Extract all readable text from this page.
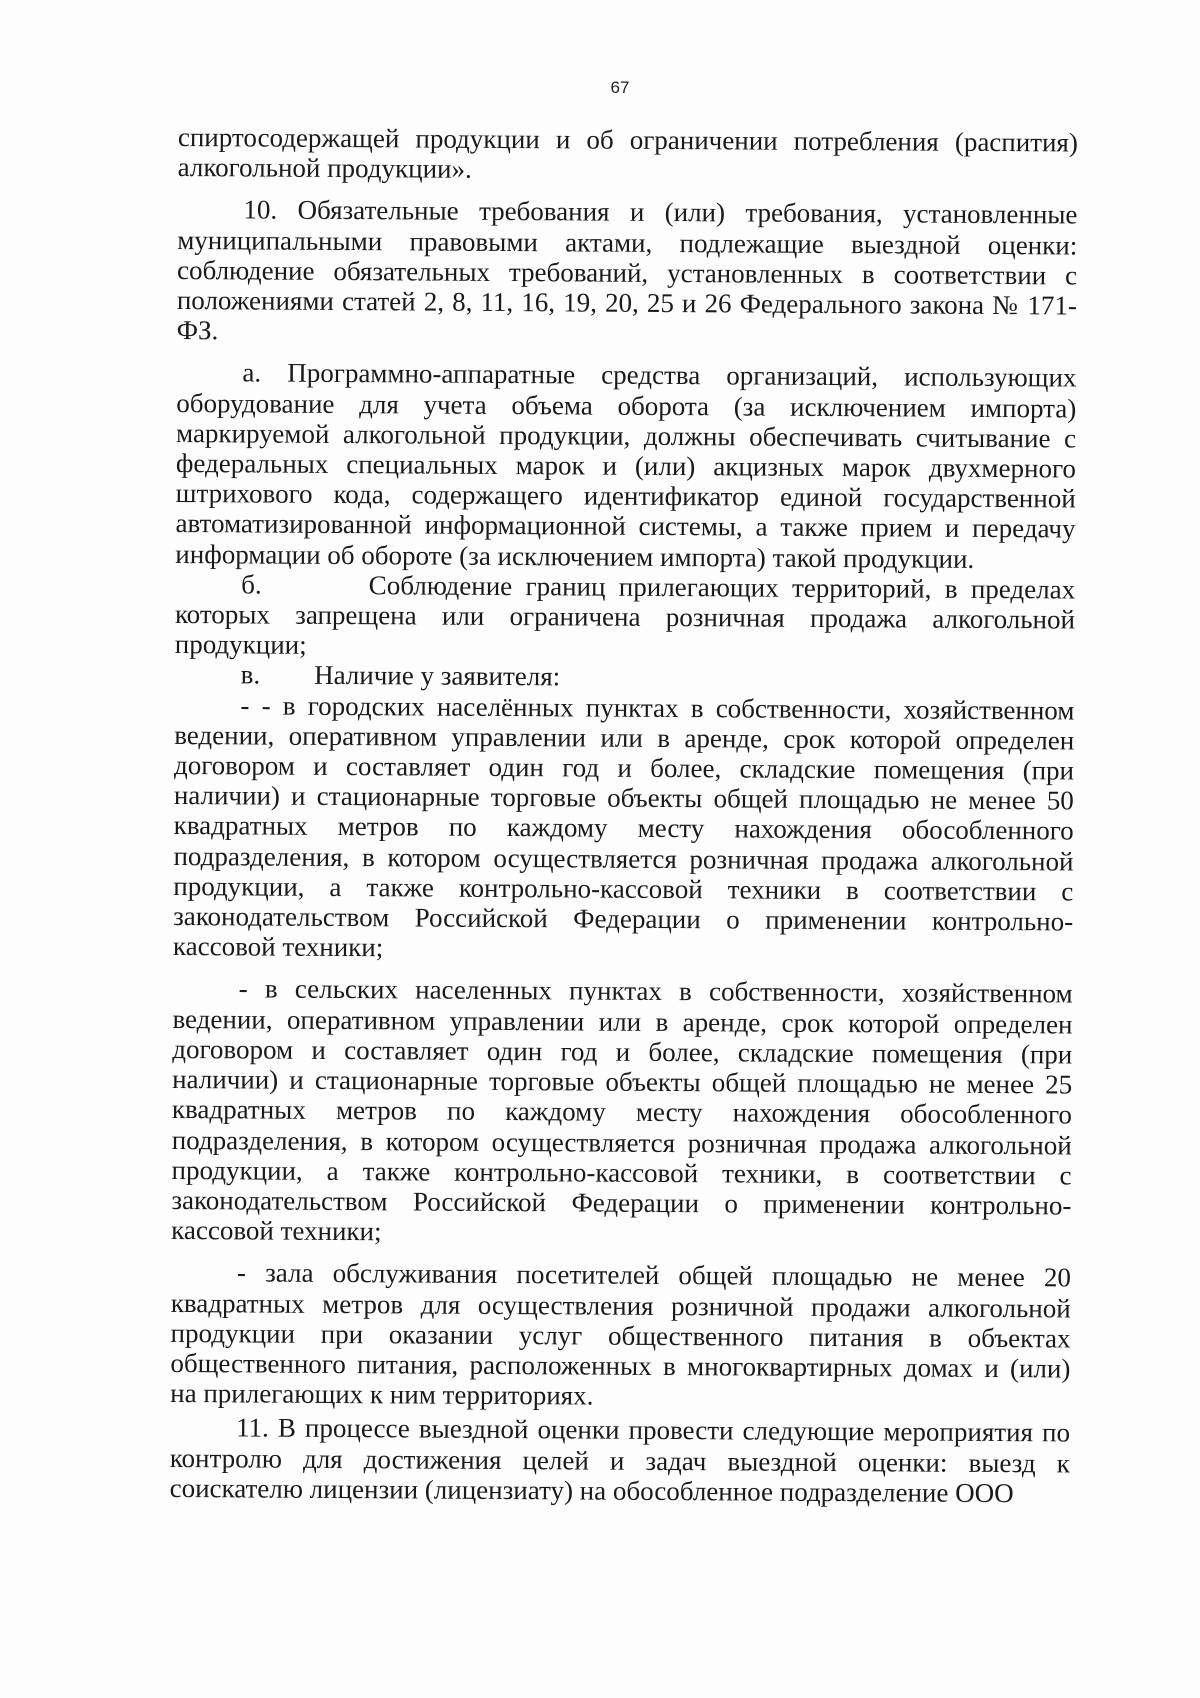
67

спиртосодержащей продукции и об ограничении потребления (распития) алкогольной продукции».

10. Обязательные требования и (или) требования, установленные муниципальными правовыми актами, подлежащие выездной оценки: соблюдение обязательных требований, установленных в соответствии с положениями статей 2, 8, 11, 16, 19, 20, 25 и 26 Федерального закона № 171-ФЗ.

а. Программно-аппаратные средства организаций, использующих оборудование для учета объема оборота (за исключением импорта) маркируемой алкогольной продукции, должны обеспечивать считывание с федеральных специальных марок и (или) акцизных марок двухмерного штрихового кода, содержащего идентификатор единой государственной автоматизированной информационной системы, а также прием и передачу информации об обороте (за исключением импорта) такой продукции.

б.        Соблюдение границ прилегающих территорий, в пределах которых запрещена или ограничена розничная продажа алкогольной продукции;

в.        Наличие у заявителя:

- - в городских населённых пунктах в собственности, хозяйственном ведении, оперативном управлении или в аренде, срок которой определен договором и составляет один год и более, складские помещения (при наличии) и стационарные торговые объекты общей площадью не менее 50 квадратных метров по каждому месту нахождения обособленного подразделения, в котором осуществляется розничная продажа алкогольной продукции, а также контрольно-кассовой техники в соответствии с законодательством Российской Федерации о применении контрольно-кассовой техники;

- в сельских населенных пунктах в собственности, хозяйственном ведении, оперативном управлении или в аренде, срок которой определен договором и составляет один год и более, складские помещения (при наличии) и стационарные торговые объекты общей площадью не менее 25 квадратных метров по каждому месту нахождения обособленного подразделения, в котором осуществляется розничная продажа алкогольной продукции, а также контрольно-кассовой техники, в соответствии с законодательством Российской Федерации о применении контрольно-кассовой техники;

- зала обслуживания посетителей общей площадью не менее 20 квадратных метров для осуществления розничной продажи алкогольной продукции при оказании услуг общественного питания в объектах общественного питания, расположенных в многоквартирных домах и (или) на прилегающих к ним территориях.

11. В процессе выездной оценки провести следующие мероприятия по контролю для достижения целей и задач выездной оценки: выезд к соискателю лицензии (лицензиату) на обособленное подразделение ООО
